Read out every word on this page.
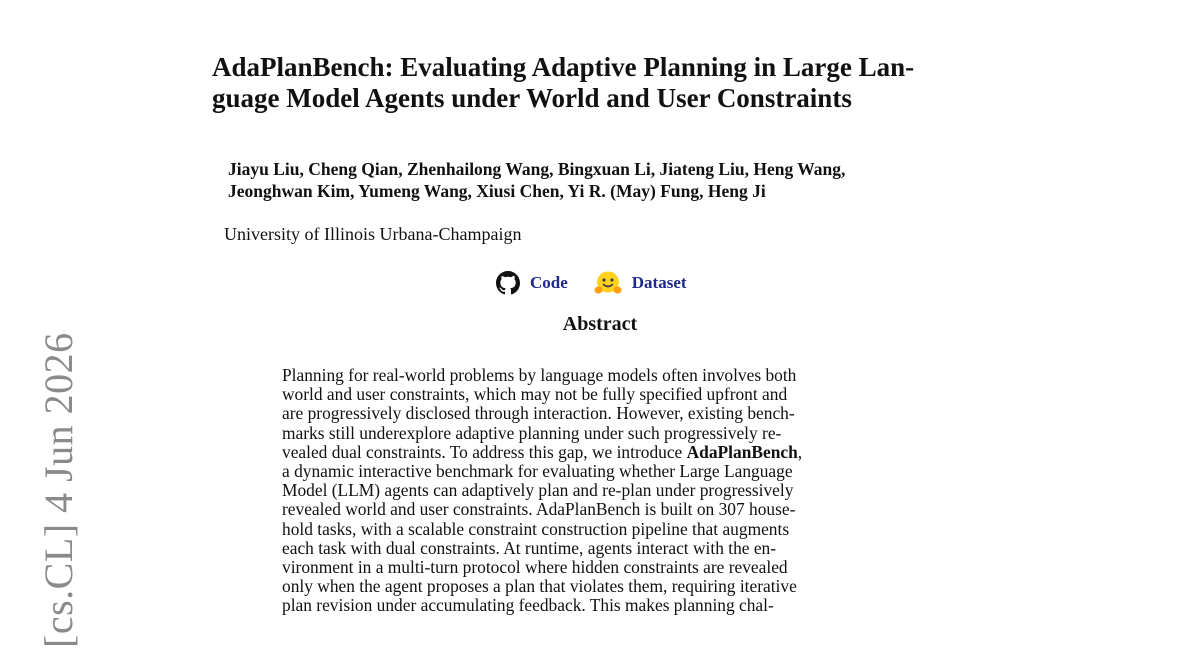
[cs.CL] 4 Jun 2026
AdaPlanBench: Evaluating Adaptive Planning in Large Lan-
guage Model Agents under World and User Constraints
Jiayu Liu, Cheng Qian, Zhenhailong Wang, Bingxuan Li, Jiateng Liu, Heng Wang,
Jeonghwan Kim, Yumeng Wang, Xiusi Chen, Yi R. (May) Fung, Heng Ji
University of Illinois Urbana-Champaign
Code	Dataset
Abstract

Planning for real-world problems by language models often involves both
world and user constraints, which may not be fully specified upfront and
are progressively disclosed through interaction. However, existing bench-
marks still underexplore adaptive planning under such progressively re-
vealed dual constraints. To address this gap, we introduce AdaPlanBench,
a dynamic interactive benchmark for evaluating whether Large Language
Model (LLM) agents can adaptively plan and re-plan under progressively
revealed world and user constraints. AdaPlanBench is built on 307 house-
hold tasks, with a scalable constraint construction pipeline that augments
each task with dual constraints. At runtime, agents interact with the en-
vironment in a multi-turn protocol where hidden constraints are revealed
only when the agent proposes a plan that violates them, requiring iterative
plan revision under accumulating feedback. This makes planning chal-
